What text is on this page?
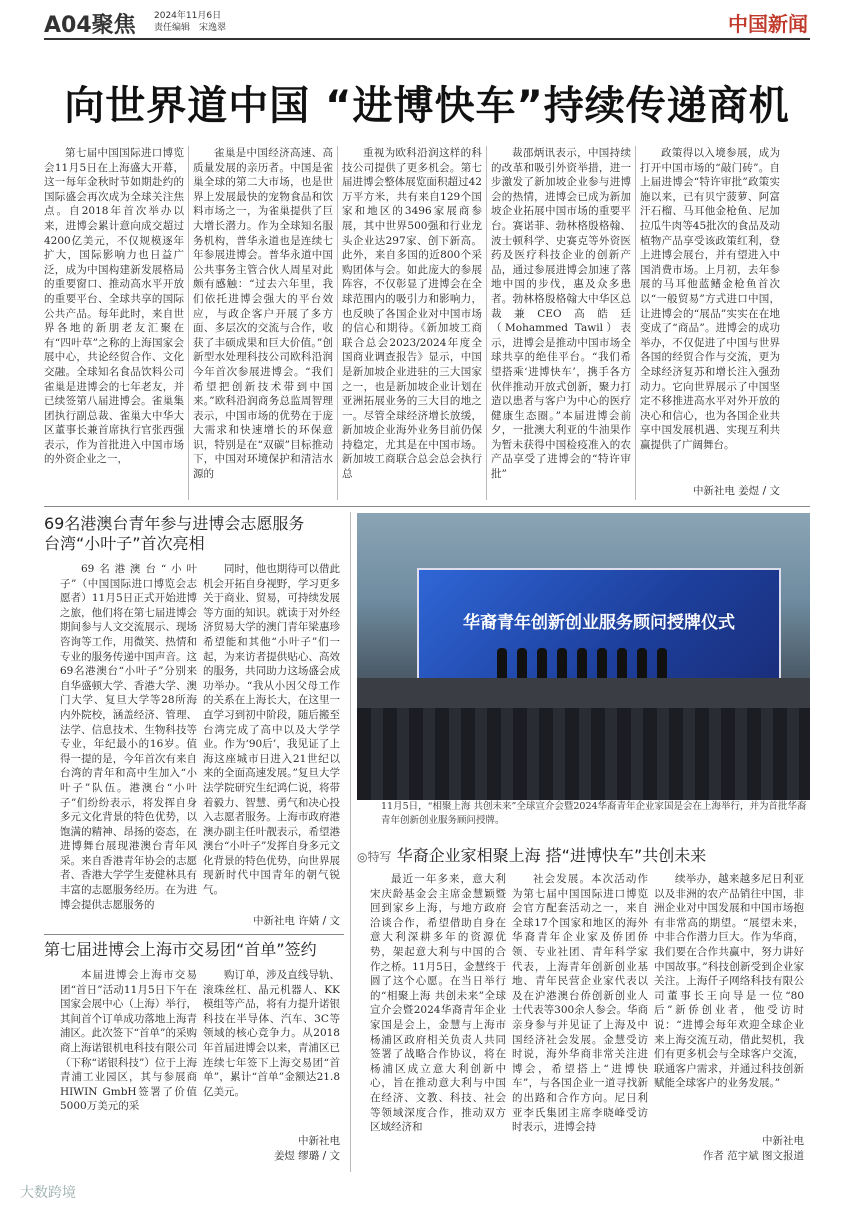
A04聚焦 2024年11月6日
责任编辑　宋逸翠	中国新闻
向世界道中国 “进博快车”持续传递商机

第七届中国国际进口博览会11月5日在上海盛大开幕，这一每年金秋时节如期赴约的国际盛会再次成为全球关注焦点。自2018年首次举办以来，进博会累计意向成交超过4200亿美元，不仅规模逐年扩大，国际影响力也日益广泛，成为中国构建新发展格局的重要窗口、推动高水平开放的重要平台、全球共享的国际公共产品。每年此时，来自世界各地的新朋老友汇聚在有“四叶草”之称的上海国家会展中心，共论经贸合作、文化交融。全球知名食品饮料公司雀巢是进博会的七年老友，并已续签第八届进博会。雀巢集团执行副总裁、雀巢大中华大区董事长兼首席执行官张西强表示，作为首批进入中国市场的外资企业之一，

雀巢是中国经济高速、高质量发展的亲历者。中国是雀巢全球的第二大市场，也是世界上发展最快的宠物食品和饮料市场之一，为雀巢提供了巨大增长潜力。作为全球知名服务机构，普华永道也是连续七年参展进博会。普华永道中国公共事务主管合伙人周星对此颇有感触：“过去六年里，我们依托进博会强大的平台效应，与政企客户开展了多方面、多层次的交流与合作，收获了丰硕成果和巨大价值。”创新型水处理科技公司欧科沿润今年首次参展进博会。“我们希望把创新技术带到中国来。”欧科沿润商务总监周智理表示，中国市场的优势在于庞大需求和快速增长的环保意识，特别是在“双碳”目标推动下，中国对环境保护和清洁水源的

重视为欧科沿润这样的科技公司提供了更多机会。第七届进博会整体展览面积超过42万平方米，共有来自129个国家和地区的3496家展商参展，其中世界500强和行业龙头企业达297家、创下新高。此外，来自多国的近800个采购团体与会。如此庞大的参展阵容，不仅彰显了进博会在全球范围内的吸引力和影响力，也反映了各国企业对中国市场的信心和期待。《新加坡工商联合总会2023/2024年度全国商业调查报告》显示，中国是新加坡企业进驻的三大国家之一，也是新加坡企业计划在亚洲拓展业务的三大目的地之一。尽管全球经济增长放缓，新加坡企业海外业务目前仍保持稳定，尤其是在中国市场。新加坡工商联合总会总会执行总

裁邵炳讯表示，中国持续的改革和吸引外资举措，进一步激发了新加坡企业参与进博会的热情，进博会已成为新加坡企业拓展中国市场的重要平台。赛诺菲、勃林格殷格翰、波士顿科学、史赛克等外资医药及医疗科技企业的创新产品，通过参展进博会加速了落地中国的步伐，惠及众多患者。勃林格殷格翰大中华区总裁兼CEO高皓廷（Mohammed Tawil）表示，进博会是推动中国市场全球共享的绝佳平台。“我们希望搭乘‘进博快车’，携手各方伙伴推动开放式创新，聚力打造以患者与客户为中心的医疗健康生态圈。”本届进博会前夕，一批澳大利亚的牛油果作为暂未获得中国检疫准入的农产品享受了进博会的“特许审批”

政策得以入境参展，成为打开中国市场的“敲门砖”。自上届进博会“特许审批”政策实施以来，已有贝宁菠萝、阿富汗石榴、马耳他金枪鱼、尼加拉瓜牛肉等45批次的食品及动植物产品享受该政策红利，登上进博会展台，并有望进入中国消费市场。上月初，去年参展的马耳他蓝鳍金枪鱼首次以“一般贸易”方式进口中国，让进博会的“展品”实实在在地变成了“商品”。进博会的成功举办，不仅促进了中国与世界各国的经贸合作与交流，更为全球经济复苏和增长注入强劲动力。它向世界展示了中国坚定不移推进高水平对外开放的决心和信心，也为各国企业共享中国发展机遇、实现互利共赢提供了广阔舞台。

中新社电 姜煜 / 文
69名港澳台青年参与进博会志愿服务
台湾“小叶子”首次亮相

69名港澳台“小叶子”（中国国际进口博览会志愿者）11月5日正式开始进博之旅，他们将在第七届进博会期间参与人文交流展示、现场咨询等工作，用微笑、热情和专业的服务传递中国声音。这69名港澳台“小叶子”分别来自华盛顿大学、香港大学、澳门大学、复旦大学等28所海内外院校，涵盖经济、管理、法学、信息技术、生物科技等专业，年纪最小的16岁。值得一提的是，今年首次有来自台湾的青年和高中生加入“小叶子”队伍。港澳台“小叶子”们纷纷表示，将发挥自身多元文化背景的特色优势，以饱满的精神、昂扬的姿态，在进博舞台展现港澳台青年风采。来自香港青年协会的志愿者、香港大学学生麦健林具有丰富的志愿服务经历。在为进博会提供志愿服务的

同时，他也期待可以借此机会开拓自身视野，学习更多关于商业、贸易，可持续发展等方面的知识。就读于对外经济贸易大学的澳门青年梁惠珍希望能和其他“小叶子”们一起，为来访者提供贴心、高效的服务，共同助力这场盛会成功举办。“我从小因父母工作的关系在上海长大，在这里一直学习到初中阶段，随后搬至台湾完成了高中以及大学学业。作为‘90后’，我见证了上海这座城市日进入21世纪以来的全面高速发展。”复旦大学法学院研究生纪鸿仁说，将带着毅力、智慧、勇气和决心投入志愿者服务。上海市政府港澳办副主任叶靓表示，希望港澳台“小叶子”发挥自身多元文化背景的特色优势，向世界展现新时代中国青年的朝气锐气。

中新社电 许婧 / 文
第七届进博会上海市交易团“首单”签约

本届进博会上海市交易团“首日”活动11月5日下午在国家会展中心（上海）举行，其间首个订单成功落地上海青浦区。此次签下“首单”的采购商上海诺银机电科技有限公司（下称“诺银科技”）位于上海青浦工业园区，其与参展商HIWIN GmbH签署了价值5000万美元的采

购订单，涉及直线导轨、滚珠丝杠、晶元机器人、KK模组等产品，将有力提升诺银科技在半导体、汽车、3C等领域的核心竞争力。从2018年首届进博会以来，青浦区已连续七年签下上海交易团“首单”，累计“首单”金额达21.8亿美元。

中新社电
姜煜 缪璐 / 文
华裔青年创新创业服务顾问授牌仪式

11月5日，“相聚上海 共创未来”全球宣介会暨2024华裔青年企业家国是会在上海举行，并为首批华裔青年创新创业服务顾问授牌。

◎特写 华裔企业家相聚上海 搭“进博快车”共创未来

最近一年多来，意大利宋庆龄基金会主席金慧颖暨回到家乡上海，与地方政府洽谈合作，希望借助自身在意大利深耕多年的资源优势，架起意大利与中国的合作之桥。11月5日，金慧终于圆了这个心愿。在当日举行的“相聚上海 共创未来”全球宣介会暨2024华裔青年企业家国是会上，金慧与上海市杨浦区政府相关负责人共同签署了战略合作协议，将在杨浦区成立意大利创新中心，旨在推动意大利与中国在经济、文教、科技、社会等领域深度合作，推动双方区域经济和

社会发展。本次活动作为第七届中国国际进口博览会官方配套活动之一，来自全球17个国家和地区的海外华裔青年企业家及侨团侨领、专业社团、青年科学家代表，上海青年创新创业基地、青年民营企业家代表以及在沪港澳台侨创新创业人士代表等300余人参会。华商亲身参与并见证了上海及中国经济社会发展。金慧受访时说，海外华商非常关注进博会，希望搭上“进博快车”，与各国企业一道寻找新的出路和合作方向。尼日利亚李氏集团主席李晓峰受访时表示，进博会持

续举办，越来越多尼日利亚以及非洲的农产品销往中国，非洲企业对中国发展和中国市场抱有非常高的期望。“展望未来，中非合作潜力巨大。作为华商，我们要在合作共赢中，努力讲好中国故事。”科技创新受到企业家关注。上海仟子网络科技有限公司董事长王向导是一位“80后”新侨创业者，他受访时说：“进博会每年欢迎全球企业来上海交流互动，借此契机，我们有更多机会与全球客户交流，联通客户需求，并通过科技创新赋能全球客户的业务发展。”

中新社电
作者 范宇斌 图文报道
大数跨境
